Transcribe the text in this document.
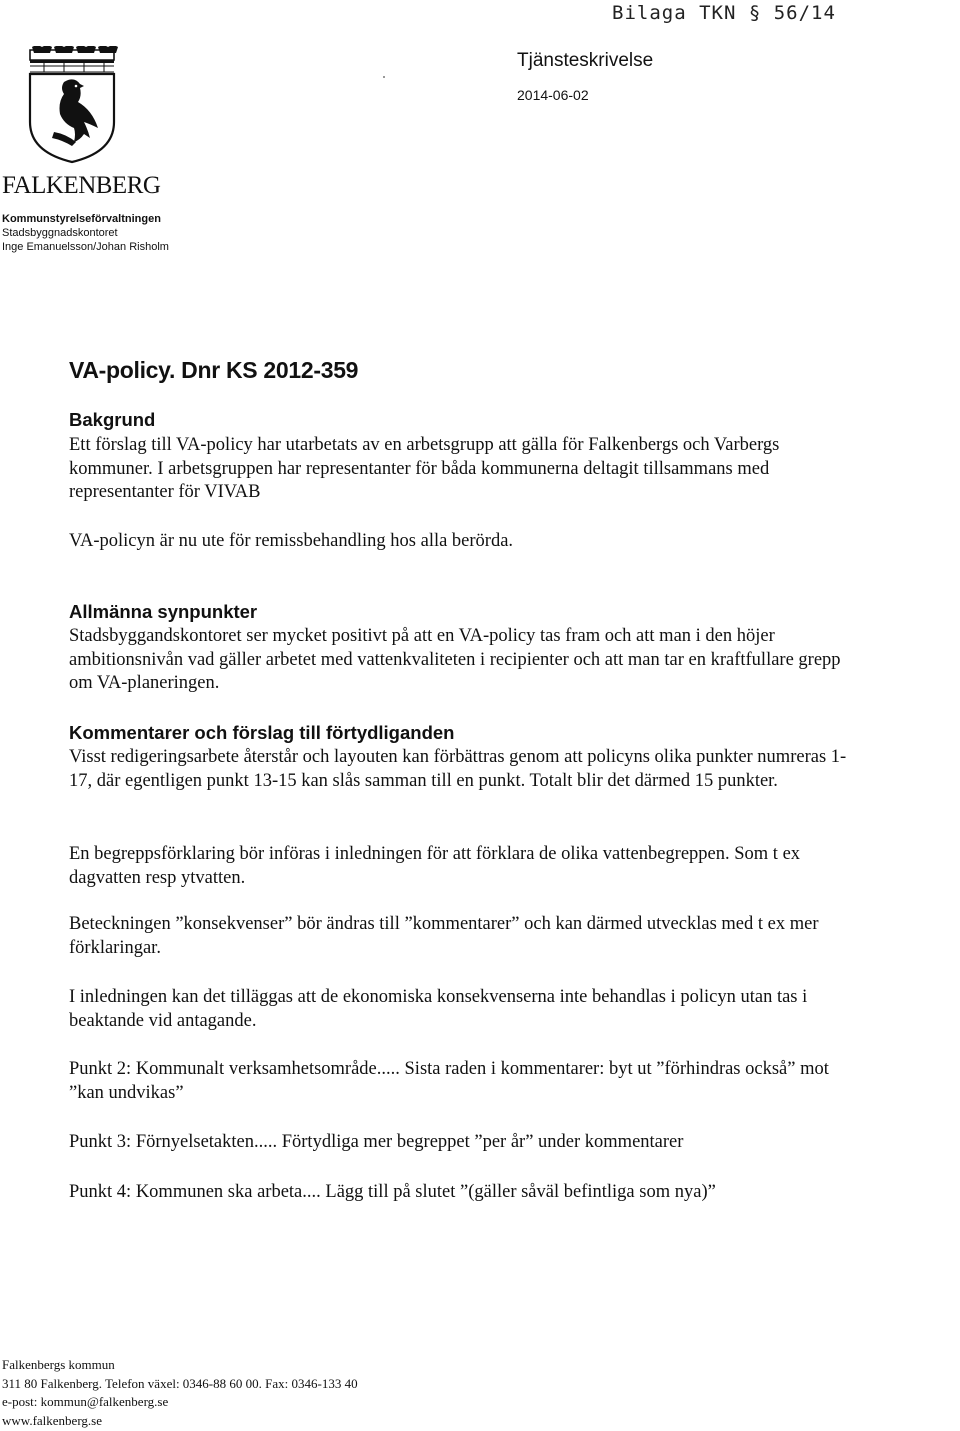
Bilaga TKN § 56/14
FALKENBERG
Kommunstyrelseförvaltningen
Stadsbyggnadskontoret
Inge Emanuelsson/Johan Risholm
Tjänsteskrivelse
2014-06-02
VA-policy. Dnr KS 2012-359
Bakgrund
Ett förslag till VA-policy har utarbetats av en arbetsgrupp att gälla för Falkenbergs och Varbergs kommuner. I arbetsgruppen har representanter för båda kommunerna deltagit tillsammans med representanter för VIVAB
VA-policyn är nu ute för remissbehandling hos alla berörda.
Allmänna synpunkter
Stadsbyggandskontoret ser mycket positivt på att en VA-policy tas fram och att man i den höjer ambitionsnivån vad gäller arbetet med vattenkvaliteten i recipienter och att man tar en kraftfullare grepp om VA-planeringen.
Kommentarer och förslag till förtydliganden
Visst redigeringsarbete återstår och layouten kan förbättras genom att policyns olika punkter numreras 1-17, där egentligen punkt 13-15 kan slås samman till en punkt. Totalt blir det därmed 15 punkter.
En begreppsförklaring bör införas i inledningen för att förklara de olika vattenbegreppen. Som t ex dagvatten resp ytvatten.
Beteckningen ”konsekvenser” bör ändras till ”kommentarer” och kan därmed utvecklas med t ex mer förklaringar.
I inledningen kan det tilläggas att de ekonomiska konsekvenserna inte behandlas i policyn utan tas i beaktande vid antagande.
Punkt 2: Kommunalt verksamhetsområde..... Sista raden i kommentarer: byt ut ”förhindras också” mot ”kan undvikas”
Punkt 3: Förnyelsetakten..... Förtydliga mer begreppet ”per år” under kommentarer
Punkt 4: Kommunen ska arbeta.... Lägg till på slutet ”(gäller såväl befintliga som nya)”
Falkenbergs kommun
311 80 Falkenberg. Telefon växel: 0346-88 60 00. Fax: 0346-133 40
e-post: kommun@falkenberg.se
www.falkenberg.se
